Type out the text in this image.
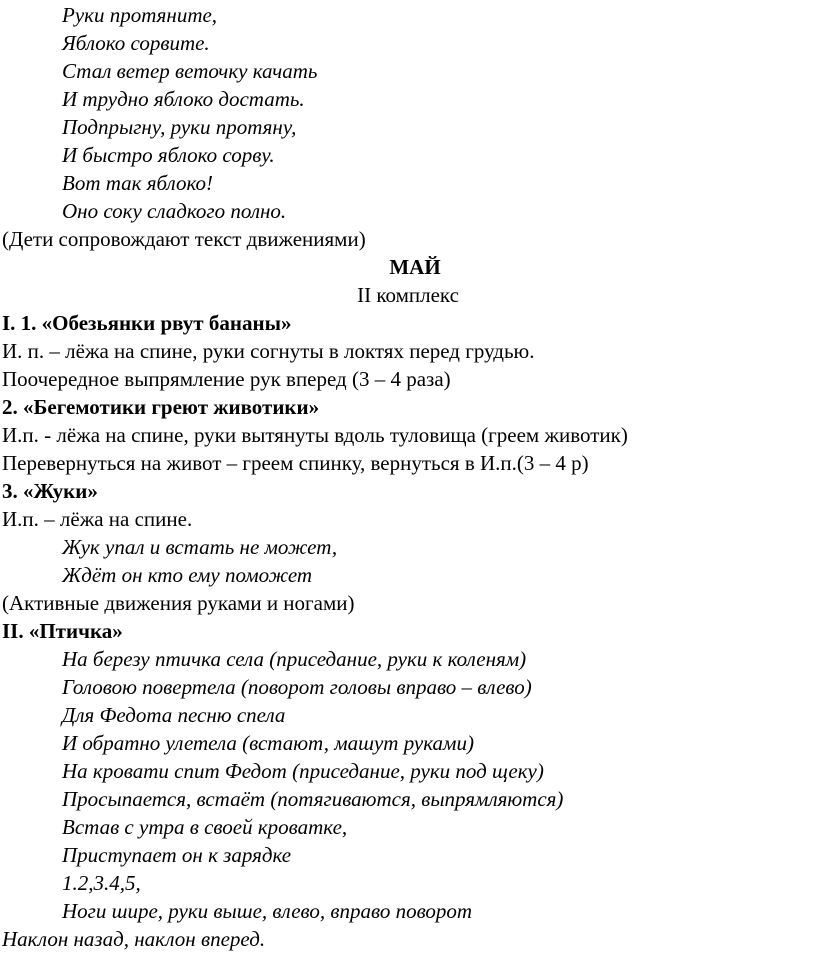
Руки протяните,
Яблоко сорвите.
Стал ветер веточку качать
И трудно яблоко достать.
Подпрыгну, руки протяну,
И быстро яблоко сорву.
Вот так яблоко!
Оно соку сладкого полно.
(Дети сопровождают текст движениями)
МАЙ
II комплекс
I. 1. «Обезьянки рвут бананы»
И. п. – лёжа на спине, руки согнуты в локтях перед грудью.
Поочередное выпрямление рук вперед (3 – 4 раза)
2. «Бегемотики греют животики»
И.п. - лёжа на спине, руки вытянуты вдоль туловища (греем животик)
Перевернуться на живот – греем спинку, вернуться в И.п.(3 – 4 р)
3. «Жуки»
И.п. – лёжа на спине.
Жук упал и встать не может,
Ждёт он кто ему поможет
(Активные движения руками и ногами)
II. «Птичка»
На березу птичка села (приседание, руки к коленям)
Головою повертела (поворот головы вправо – влево)
Для Федота песню спела
И обратно улетела (встают, машут руками)
На кровати спит Федот (приседание, руки под щеку)
Просыпается, встаёт (потягиваются, выпрямляются)
Встав с утра в своей кроватке,
Приступает он к зарядке
1.2,3.4,5,
Ноги шире, руки выше, влево, вправо поворот
Наклон назад, наклон вперед.
